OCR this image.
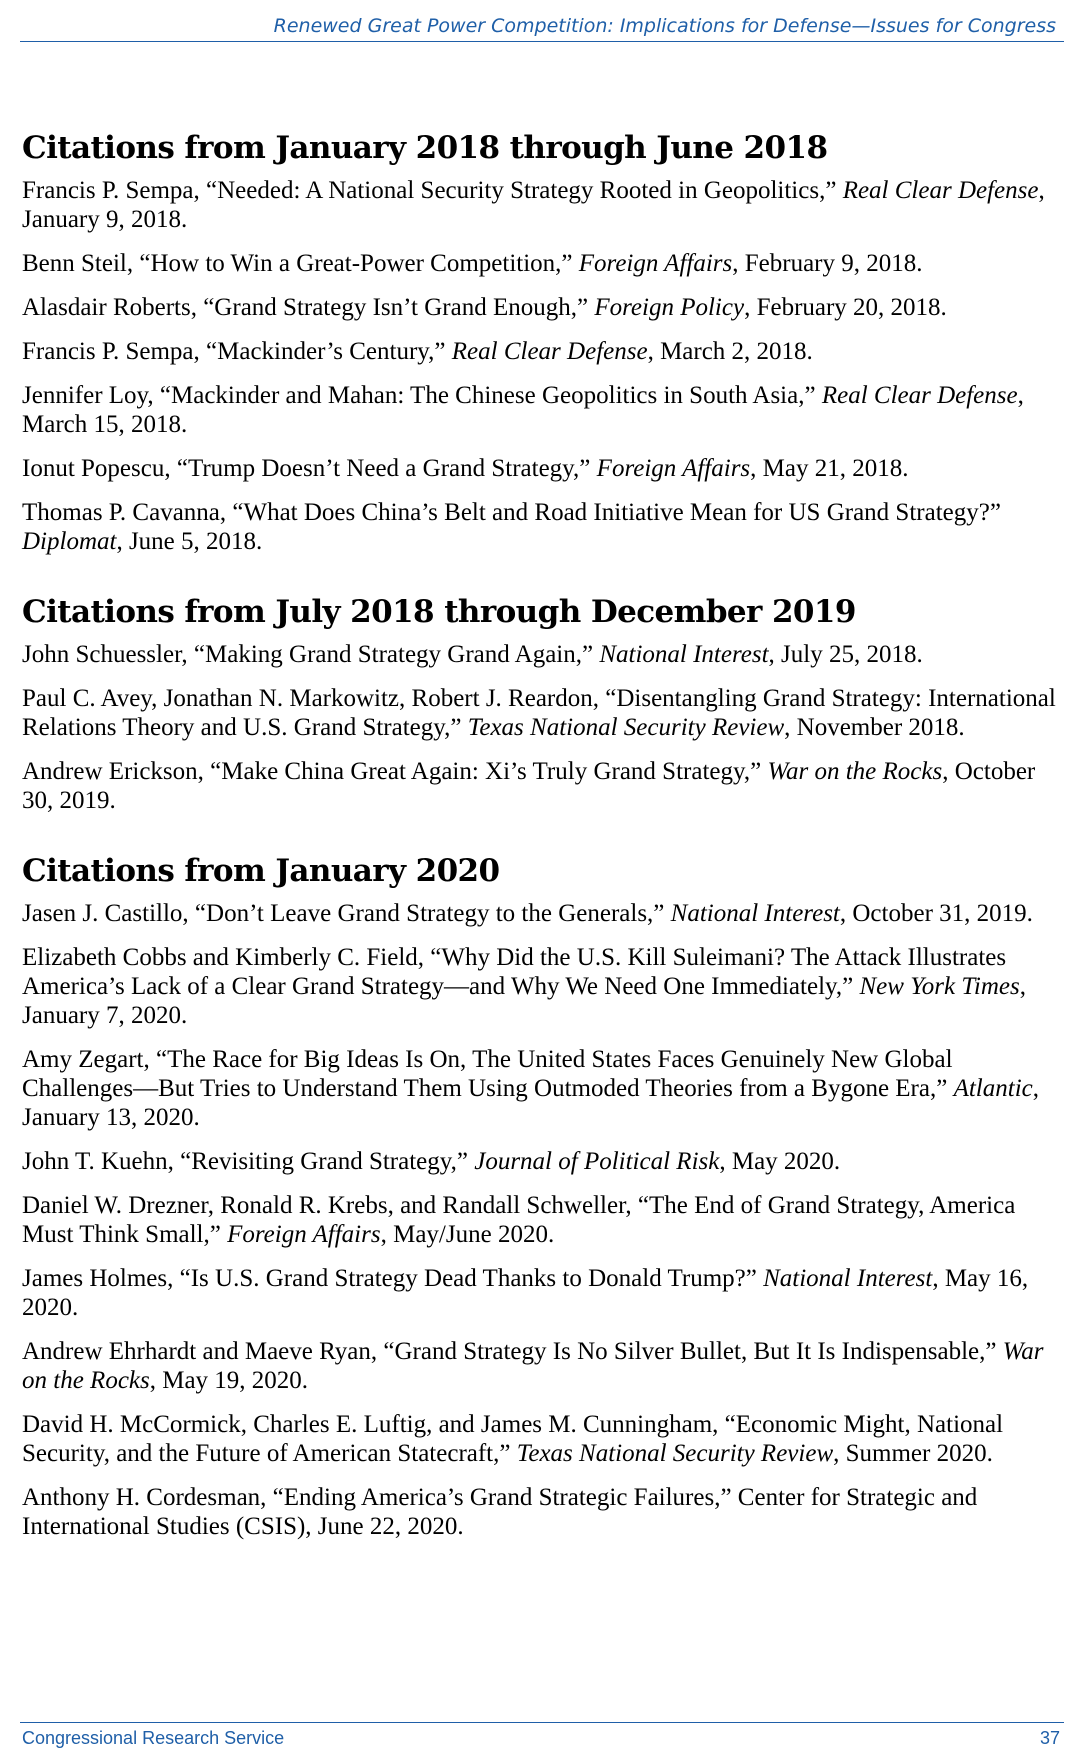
Renewed Great Power Competition: Implications for Defense—Issues for Congress
Citations from January 2018 through June 2018

Francis P. Sempa, “Needed: A National Security Strategy Rooted in Geopolitics,” Real Clear Defense, January 9, 2018.

Benn Steil, “How to Win a Great-Power Competition,” Foreign Affairs, February 9, 2018.

Alasdair Roberts, “Grand Strategy Isn’t Grand Enough,” Foreign Policy, February 20, 2018.

Francis P. Sempa, “Mackinder’s Century,” Real Clear Defense, March 2, 2018.

Jennifer Loy, “Mackinder and Mahan: The Chinese Geopolitics in South Asia,” Real Clear Defense, March 15, 2018.

Ionut Popescu, “Trump Doesn’t Need a Grand Strategy,” Foreign Affairs, May 21, 2018.

Thomas P. Cavanna, “What Does China’s Belt and Road Initiative Mean for US Grand Strategy?” Diplomat, June 5, 2018.

Citations from July 2018 through December 2019

John Schuessler, “Making Grand Strategy Grand Again,” National Interest, July 25, 2018.

Paul C. Avey, Jonathan N. Markowitz, Robert J. Reardon, “Disentangling Grand Strategy: International Relations Theory and U.S. Grand Strategy,” Texas National Security Review, November 2018.

Andrew Erickson, “Make China Great Again: Xi’s Truly Grand Strategy,” War on the Rocks, October 30, 2019.

Citations from January 2020

Jasen J. Castillo, “Don’t Leave Grand Strategy to the Generals,” National Interest, October 31, 2019.

Elizabeth Cobbs and Kimberly C. Field, “Why Did the U.S. Kill Suleimani? The Attack Illustrates America’s Lack of a Clear Grand Strategy—and Why We Need One Immediately,” New York Times, January 7, 2020.

Amy Zegart, “The Race for Big Ideas Is On, The United States Faces Genuinely New Global Challenges—But Tries to Understand Them Using Outmoded Theories from a Bygone Era,” Atlantic, January 13, 2020.

John T. Kuehn, “Revisiting Grand Strategy,” Journal of Political Risk, May 2020.

Daniel W. Drezner, Ronald R. Krebs, and Randall Schweller, “The End of Grand Strategy, America Must Think Small,” Foreign Affairs, May/June 2020.

James Holmes, “Is U.S. Grand Strategy Dead Thanks to Donald Trump?” National Interest, May 16, 2020.

Andrew Ehrhardt and Maeve Ryan, “Grand Strategy Is No Silver Bullet, But It Is Indispensable,” War on the Rocks, May 19, 2020.

David H. McCormick, Charles E. Luftig, and James M. Cunningham, “Economic Might, National Security, and the Future of American Statecraft,” Texas National Security Review, Summer 2020.

Anthony H. Cordesman, “Ending America’s Grand Strategic Failures,” Center for Strategic and International Studies (CSIS), June 22, 2020.

Congressional Research Service	37
